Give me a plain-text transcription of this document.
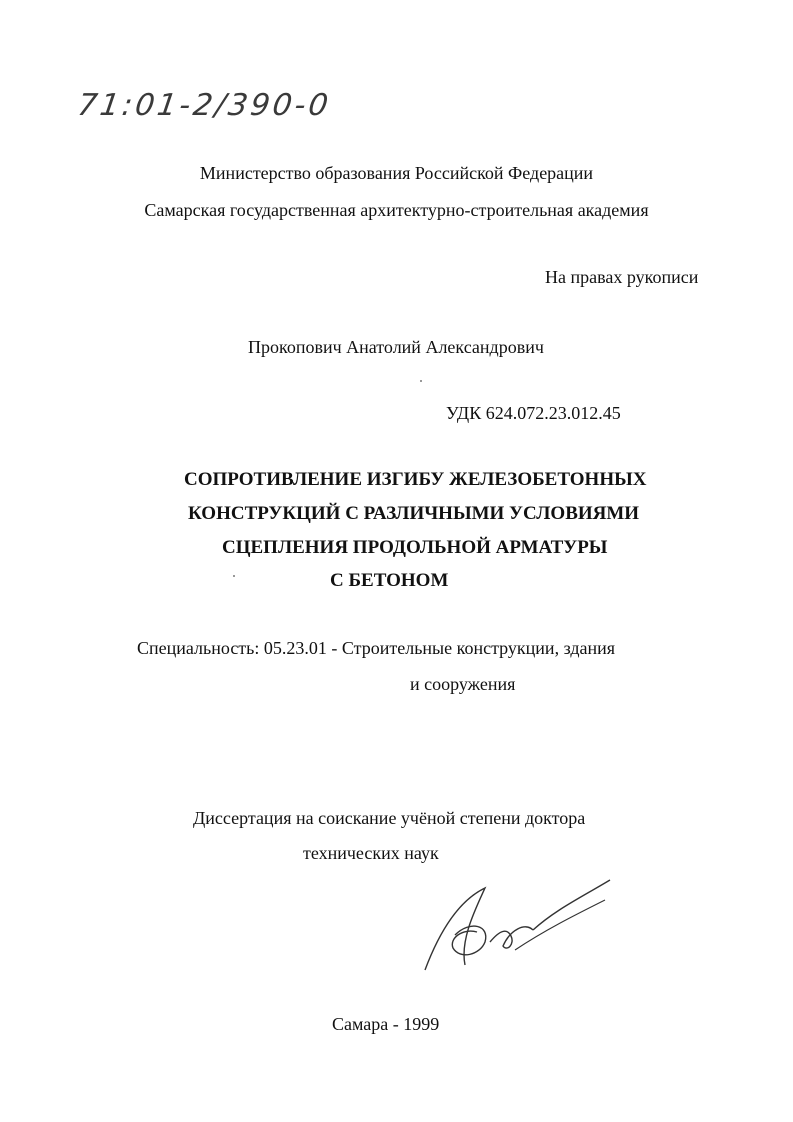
71:01-2/390-0
Министерство образования Российской Федерации
Самарская государственная архитектурно-строительная академия
На правах рукописи
Прокопович Анатолий Александрович
УДК 624.072.23.012.45
СОПРОТИВЛЕНИЕ ИЗГИБУ ЖЕЛЕЗОБЕТОННЫХ
КОНСТРУКЦИЙ С РАЗЛИЧНЫМИ УСЛОВИЯМИ
СЦЕПЛЕНИЯ ПРОДОЛЬНОЙ АРМАТУРЫ
С БЕТОНОМ
Специальность: 05.23.01 - Строительные конструкции, здания
и сооружения
Диссертация на соискание учёной степени доктора
технических наук
Самара - 1999
